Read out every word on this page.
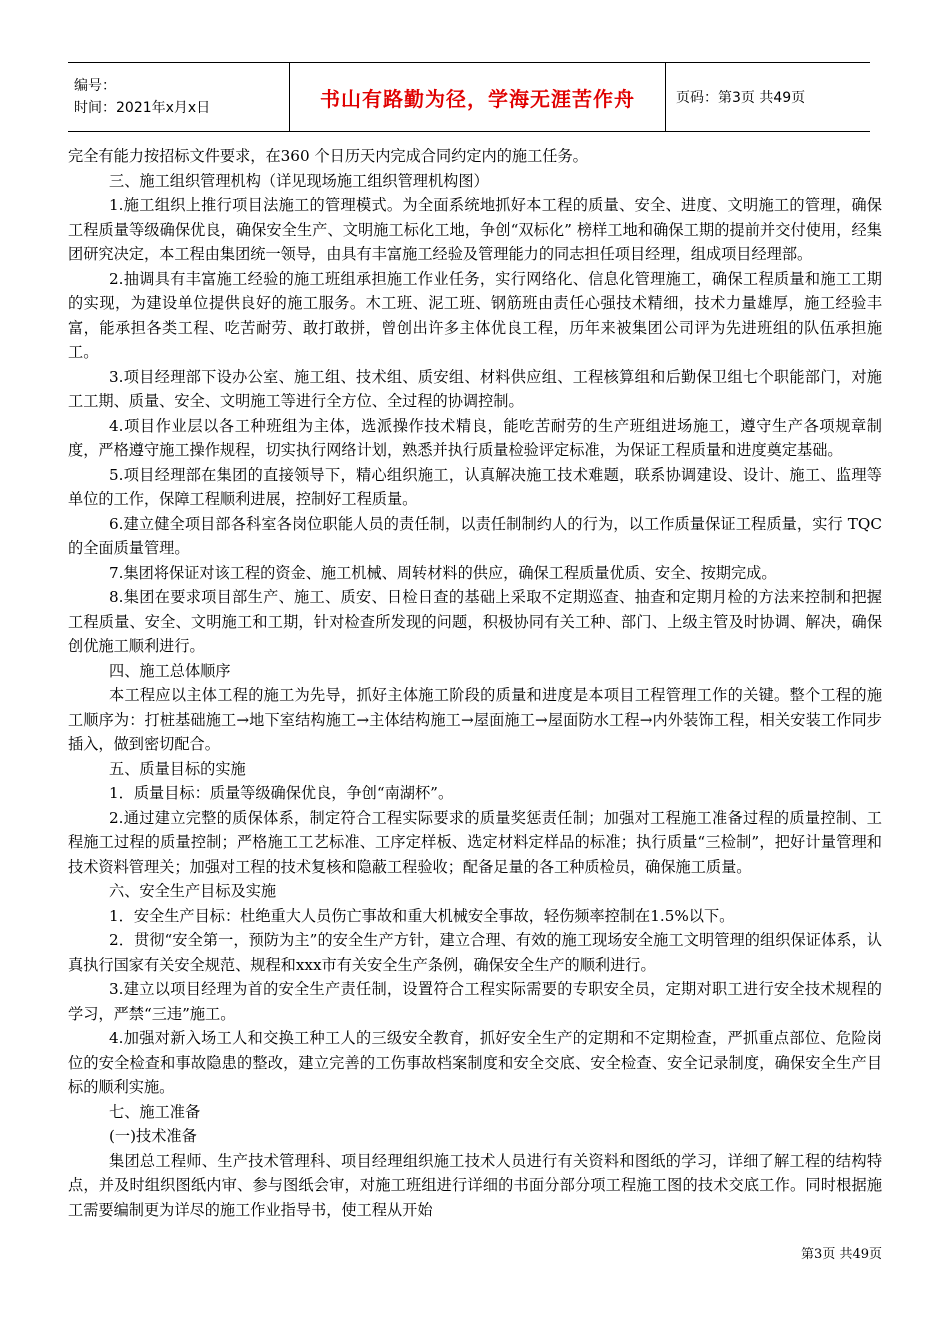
编号：
时间：2021年x月x日	书山有路勤为径，学海无涯苦作舟	页码：第3页 共49页

完全有能力按招标文件要求，在360 个日历天内完成合同约定内的施工任务。

三、施工组织管理机构（详见现场施工组织管理机构图）

1.施工组织上推行项目法施工的管理模式。为全面系统地抓好本工程的质量、安全、进度、文明施工的管理，确保工程质量等级确保优良，确保安全生产、文明施工标化工地，争创“双标化” 榜样工地和确保工期的提前并交付使用，经集团研究决定，本工程由集团统一领导，由具有丰富施工经验及管理能力的同志担任项目经理，组成项目经理部。

2.抽调具有丰富施工经验的施工班组承担施工作业任务，实行网络化、信息化管理施工，确保工程质量和施工工期的实现，为建设单位提供良好的施工服务。木工班、泥工班、钢筋班由责任心强技术精细，技术力量雄厚，施工经验丰富，能承担各类工程、吃苦耐劳、敢打敢拼，曾创出许多主体优良工程，历年来被集团公司评为先进班组的队伍承担施工。

3.项目经理部下设办公室、施工组、技术组、质安组、材料供应组、工程核算组和后勤保卫组七个职能部门，对施工工期、质量、安全、文明施工等进行全方位、全过程的协调控制。

4.项目作业层以各工种班组为主体，选派操作技术精良，能吃苦耐劳的生产班组进场施工，遵守生产各项规章制度，严格遵守施工操作规程，切实执行网络计划，熟悉并执行质量检验评定标准，为保证工程质量和进度奠定基础。

5.项目经理部在集团的直接领导下，精心组织施工，认真解决施工技术难题，联系协调建设、设计、施工、监理等单位的工作，保障工程顺利进展，控制好工程质量。

6.建立健全项目部各科室各岗位职能人员的责任制，以责任制制约人的行为，以工作质量保证工程质量，实行 TQC 的全面质量管理。

7.集团将保证对该工程的资金、施工机械、周转材料的供应，确保工程质量优质、安全、按期完成。

8.集团在要求项目部生产、施工、质安、日检日查的基础上采取不定期巡查、抽查和定期月检的方法来控制和把握工程质量、安全、文明施工和工期，针对检查所发现的问题，积极协同有关工种、部门、上级主管及时协调、解决，确保创优施工顺利进行。

四、施工总体顺序

本工程应以主体工程的施工为先导，抓好主体施工阶段的质量和进度是本项目工程管理工作的关键。整个工程的施工顺序为：打桩基础施工→地下室结构施工→主体结构施工→屋面施工→屋面防水工程→内外装饰工程，相关安装工作同步插入，做到密切配合。

五、质量目标的实施

1．质量目标：质量等级确保优良，争创“南湖杯”。

2.通过建立完整的质保体系，制定符合工程实际要求的质量奖惩责任制；加强对工程施工准备过程的质量控制、工程施工过程的质量控制；严格施工工艺标准、工序定样板、选定材料定样品的标准；执行质量“三检制”，把好计量管理和技术资料管理关；加强对工程的技术复核和隐蔽工程验收；配备足量的各工种质检员，确保施工质量。

六、安全生产目标及实施

1．安全生产目标：杜绝重大人员伤亡事故和重大机械安全事故，轻伤频率控制在1.5%以下。

2．贯彻“安全第一，预防为主”的安全生产方针，建立合理、有效的施工现场安全施工文明管理的组织保证体系，认真执行国家有关安全规范、规程和xxx市有关安全生产条例，确保安全生产的顺利进行。

3.建立以项目经理为首的安全生产责任制，设置符合工程实际需要的专职安全员，定期对职工进行安全技术规程的学习，严禁“三违”施工。

4.加强对新入场工人和交换工种工人的三级安全教育，抓好安全生产的定期和不定期检查，严抓重点部位、危险岗位的安全检查和事故隐患的整改，建立完善的工伤事故档案制度和安全交底、安全检查、安全记录制度，确保安全生产目标的顺利实施。

七、施工准备

(一)技术准备

集团总工程师、生产技术管理科、项目经理组织施工技术人员进行有关资料和图纸的学习，详细了解工程的结构特点，并及时组织图纸内审、参与图纸会审，对施工班组进行详细的书面分部分项工程施工图的技术交底工作。同时根据施工需要编制更为详尽的施工作业指导书，使工程从开始

第3页 共49页
